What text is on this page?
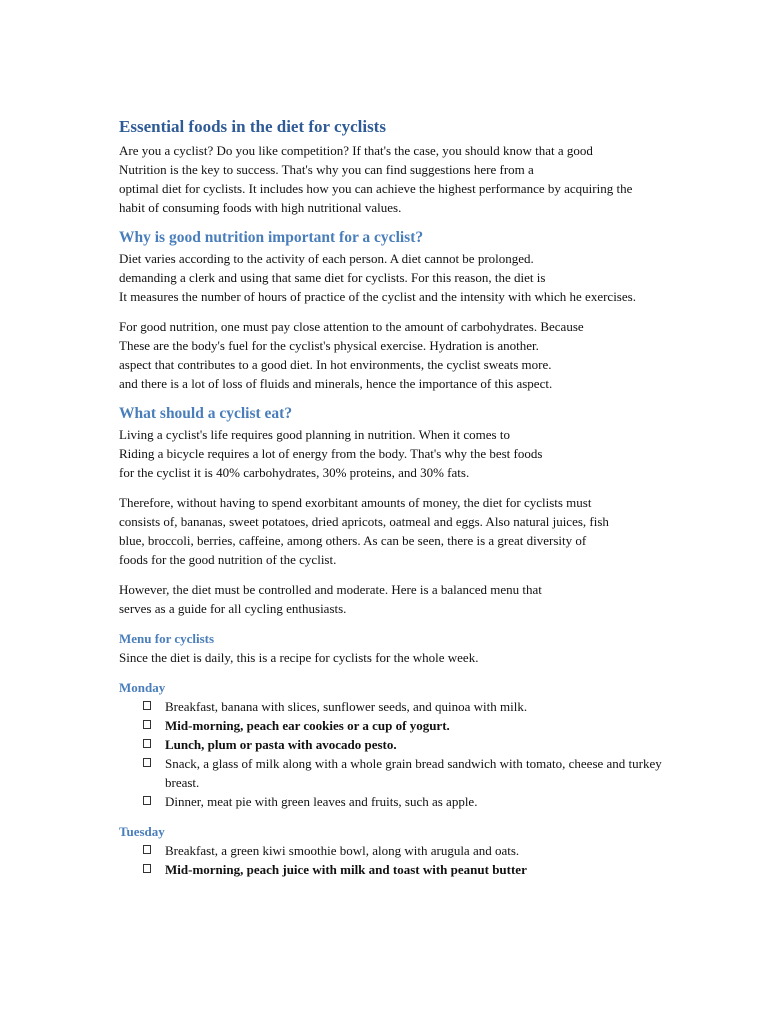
Essential foods in the diet for cyclists

Are you a cyclist? Do you like competition? If that's the case, you should know that a good
Nutrition is the key to success. That's why you can find suggestions here from a
optimal diet for cyclists. It includes how you can achieve the highest performance by acquiring the
habit of consuming foods with high nutritional values.

Why is good nutrition important for a cyclist?

Diet varies according to the activity of each person. A diet cannot be prolonged.
demanding a clerk and using that same diet for cyclists. For this reason, the diet is
It measures the number of hours of practice of the cyclist and the intensity with which he exercises.

For good nutrition, one must pay close attention to the amount of carbohydrates. Because
These are the body's fuel for the cyclist's physical exercise. Hydration is another.
aspect that contributes to a good diet. In hot environments, the cyclist sweats more.
and there is a lot of loss of fluids and minerals, hence the importance of this aspect.

What should a cyclist eat?

Living a cyclist's life requires good planning in nutrition. When it comes to
Riding a bicycle requires a lot of energy from the body. That's why the best foods
for the cyclist it is 40% carbohydrates, 30% proteins, and 30% fats.

Therefore, without having to spend exorbitant amounts of money, the diet for cyclists must
consists of, bananas, sweet potatoes, dried apricots, oatmeal and eggs. Also natural juices, fish
blue, broccoli, berries, caffeine, among others. As can be seen, there is a great diversity of
foods for the good nutrition of the cyclist.

However, the diet must be controlled and moderate. Here is a balanced menu that
serves as a guide for all cycling enthusiasts.

Menu for cyclists

Since the diet is daily, this is a recipe for cyclists for the whole week.

Monday
Breakfast, banana with slices, sunflower seeds, and quinoa with milk.
Mid-morning, peach ear cookies or a cup of yogurt.
Lunch, plum or pasta with avocado pesto.
Snack, a glass of milk along with a whole grain bread sandwich with tomato, cheese and turkey breast.
Dinner, meat pie with green leaves and fruits, such as apple.
Tuesday
Breakfast, a green kiwi smoothie bowl, along with arugula and oats.
Mid-morning, peach juice with milk and toast with peanut butter
